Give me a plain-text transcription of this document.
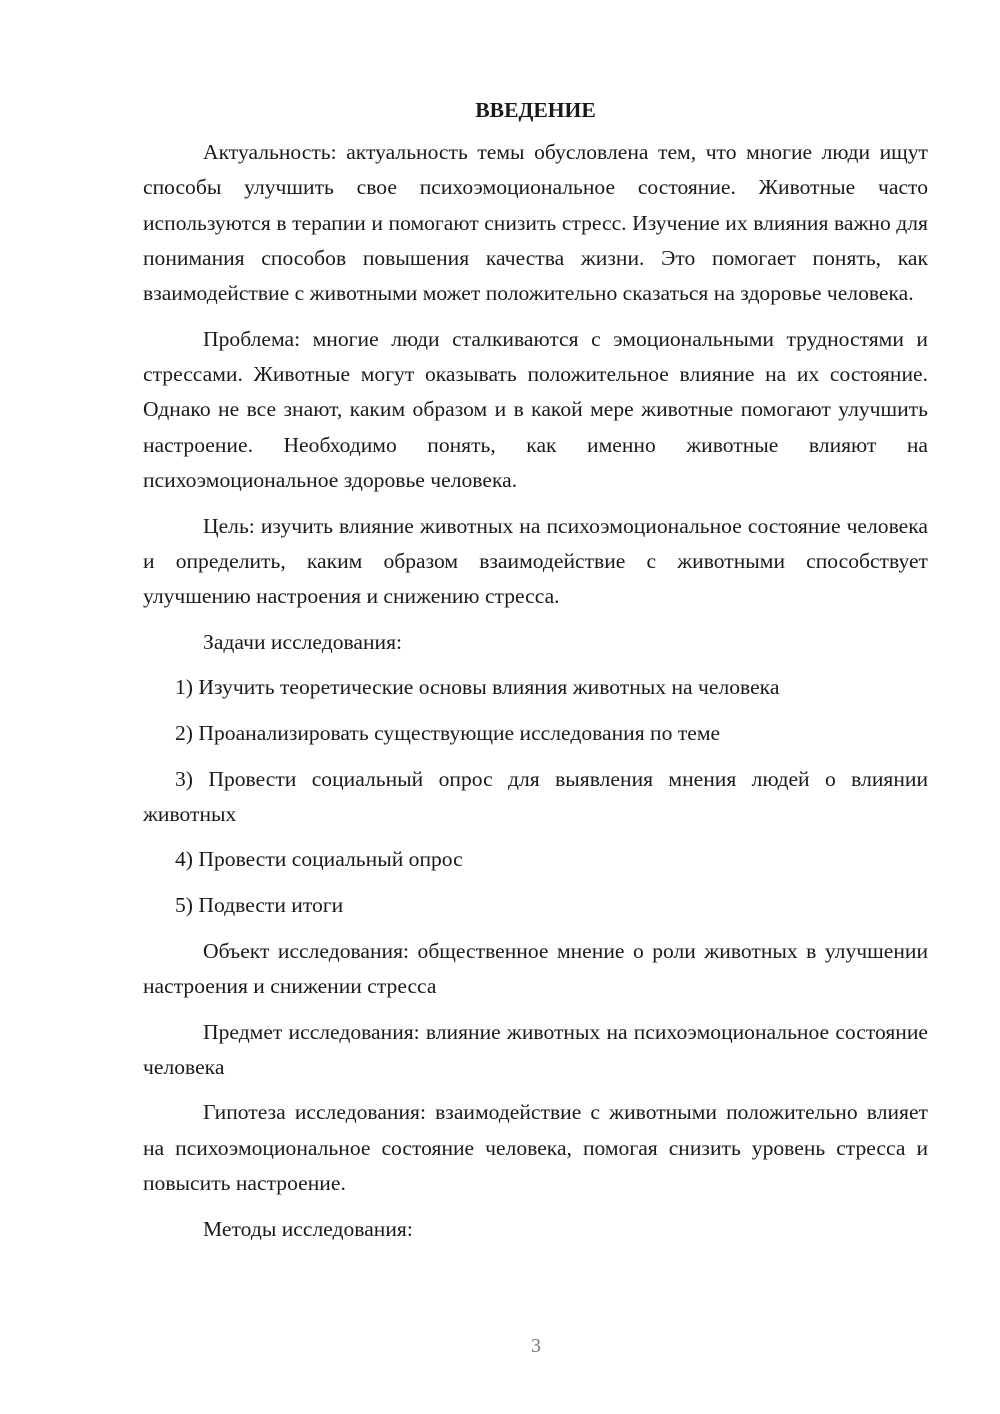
ВВЕДЕНИЕ

Актуальность: актуальность темы обусловлена тем, что многие люди ищут способы улучшить свое психоэмоциональное состояние. Животные часто используются в терапии и помогают снизить стресс. Изучение их влияния важно для понимания способов повышения качества жизни. Это помогает понять, как взаимодействие с животными может положительно сказаться на здоровье человека.

Проблема: многие люди сталкиваются с эмоциональными трудностями и стрессами. Животные могут оказывать положительное влияние на их состояние. Однако не все знают, каким образом и в какой мере животные помогают улучшить настроение. Необходимо понять, как именно животные влияют на психоэмоциональное здоровье человека.

Цель: изучить влияние животных на психоэмоциональное состояние человека и определить, каким образом взаимодействие с животными способствует улучшению настроения и снижению стресса.

Задачи исследования:

1) Изучить теоретические основы влияния животных на человека

2) Проанализировать существующие исследования по теме

3) Провести социальный опрос для выявления мнения людей о влиянии животных

4) Провести социальный опрос

5) Подвести итоги

Объект исследования: общественное мнение о роли животных в улучшении настроения и снижении стресса

Предмет исследования: влияние животных на психоэмоциональное состояние человека

Гипотеза исследования: взаимодействие с животными положительно влияет на психоэмоциональное состояние человека, помогая снизить уровень стресса и повысить настроение.

Методы исследования:

3
